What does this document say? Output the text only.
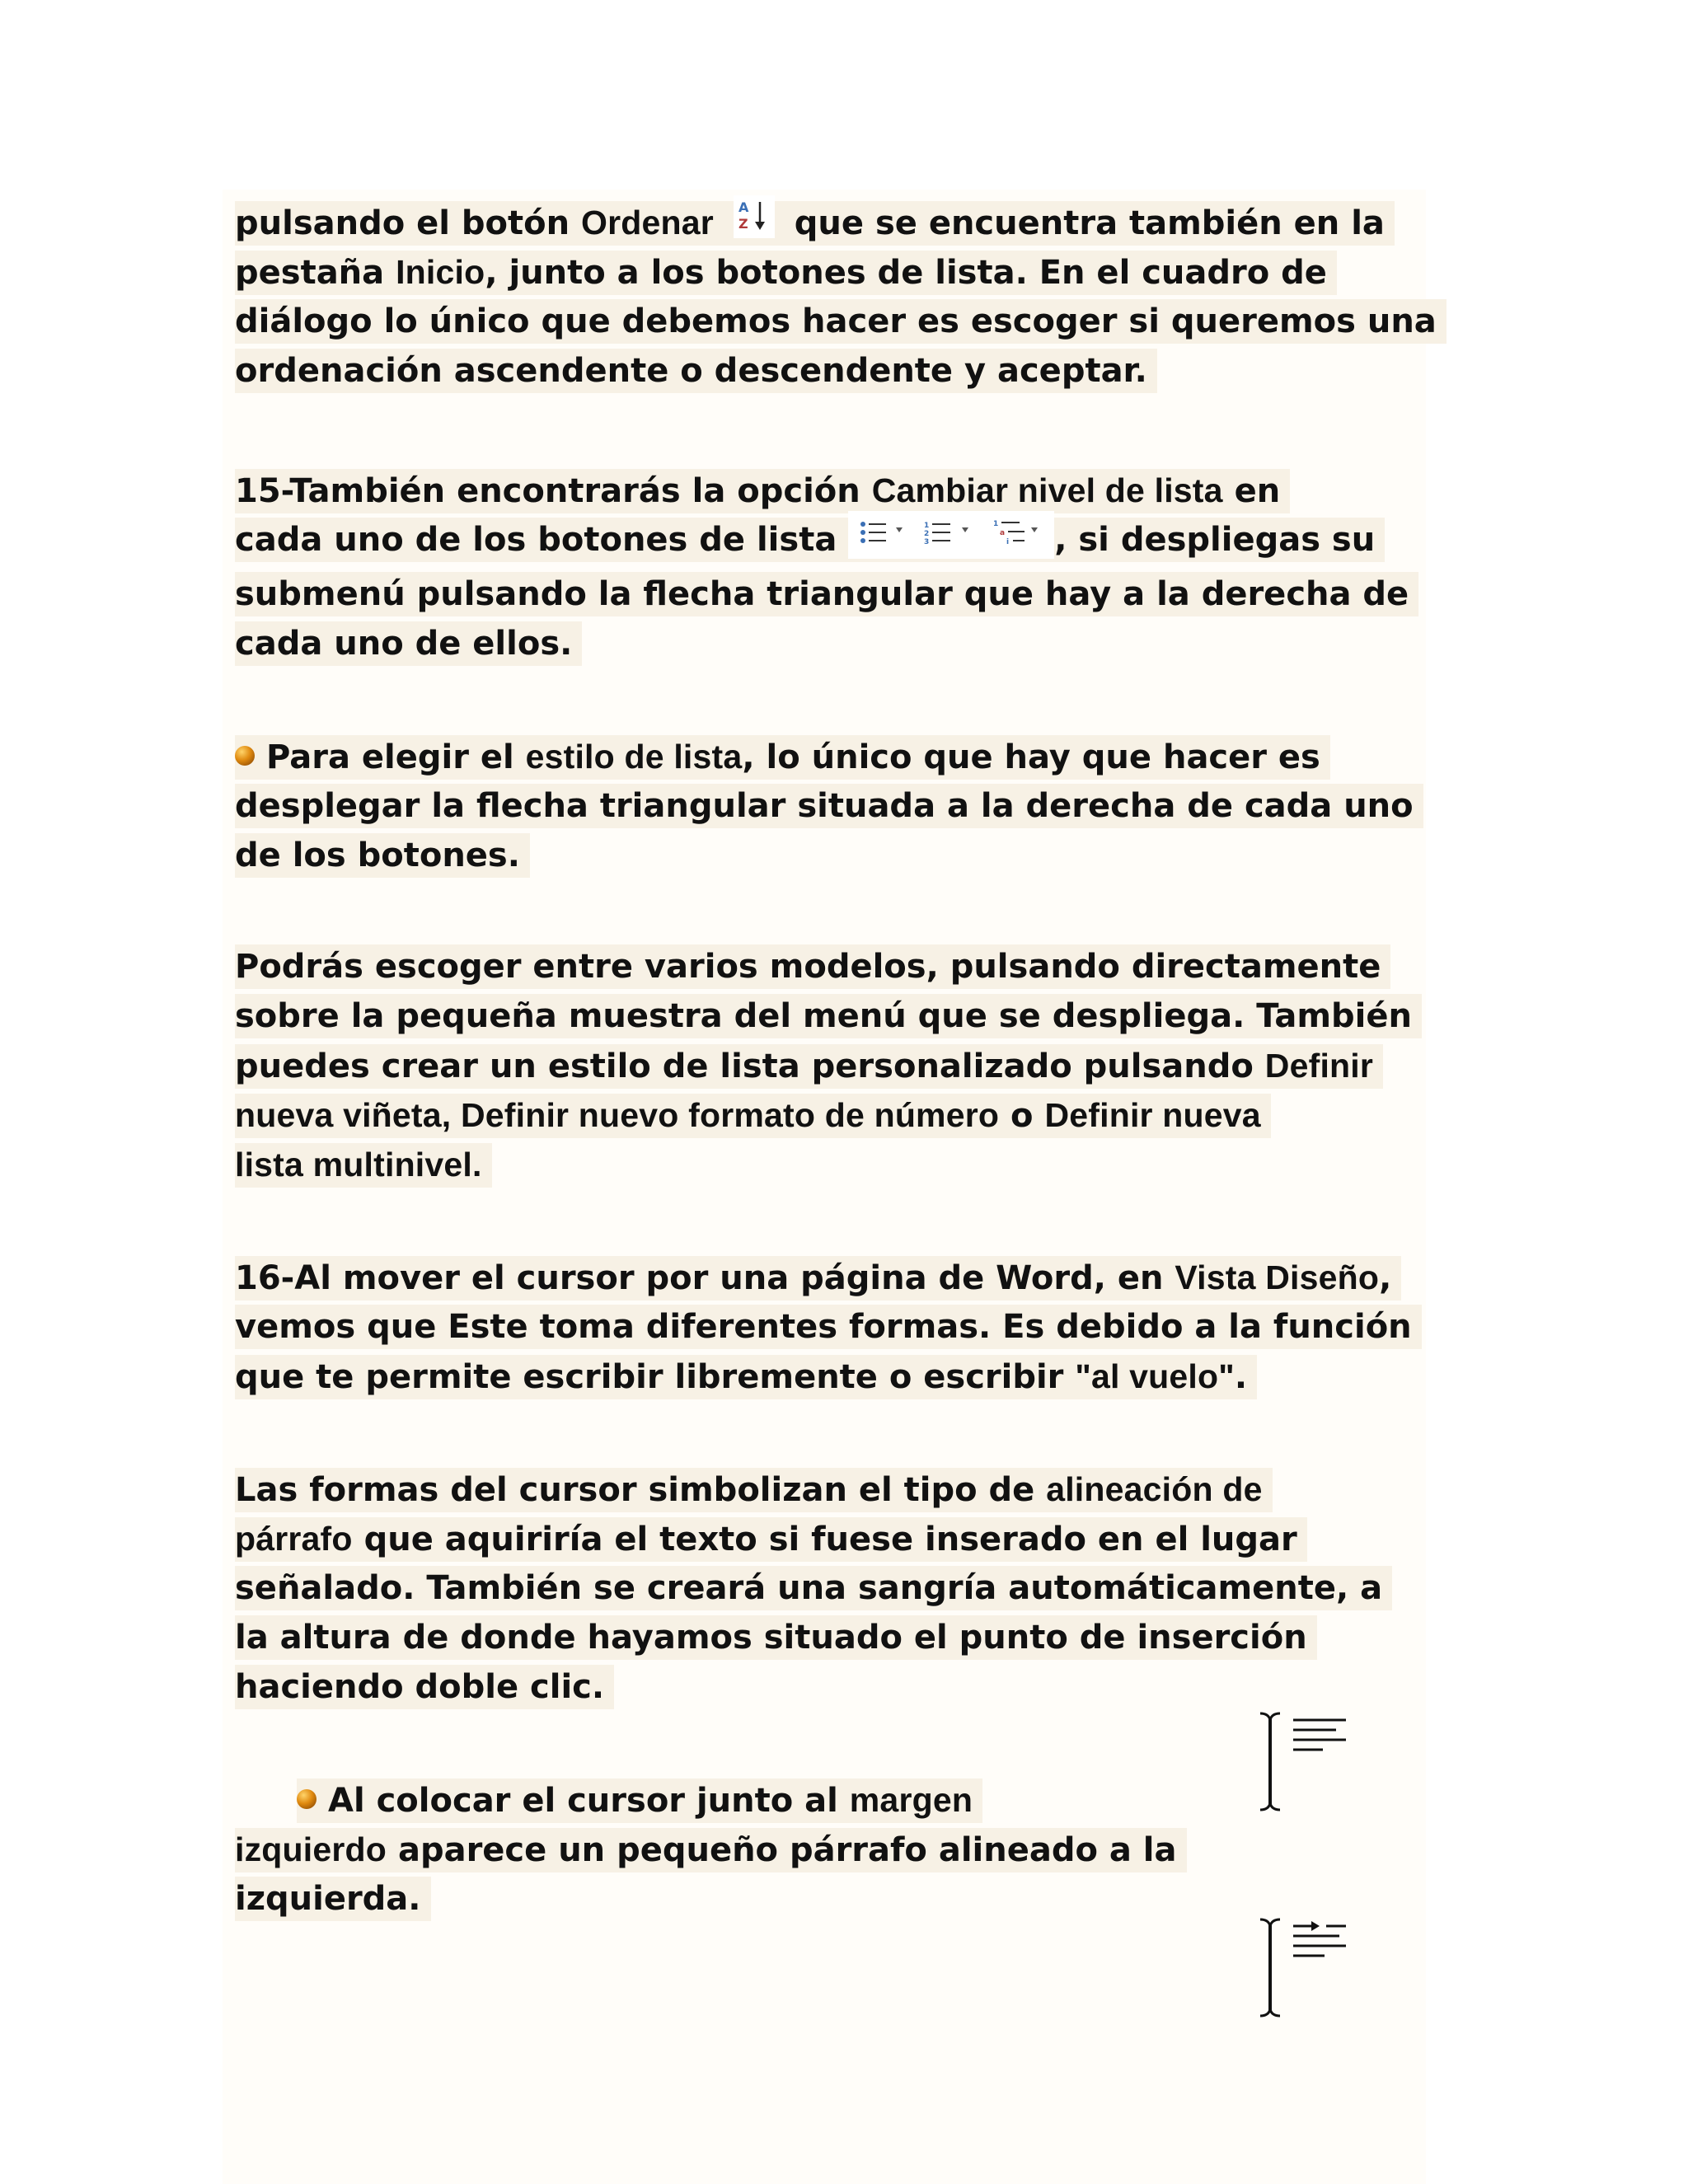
pulsando el botón Ordenar A
Z que se encuentra también en la
pestaña Inicio, junto a los botones de lista. En el cuadro de
diálogo lo único que debemos hacer es escoger si queremos una
ordenación ascendente o descendente y aceptar.
15-También encontrarás la opción Cambiar nivel de lista en
cada uno de los botones de lista	1
2
3
1
a
i , si despliegas su
submenú pulsando la flecha triangular que hay a la derecha de
cada uno de ellos.
Para elegir el estilo de lista, lo único que hay que hacer es
desplegar la flecha triangular situada a la derecha de cada uno
de los botones.
Podrás escoger entre varios modelos, pulsando directamente
sobre la pequeña muestra del menú que se despliega. También
puedes crear un estilo de lista personalizado pulsando Definir
nueva viñeta, Definir nuevo formato de número o Definir nueva
lista multinivel.
16-Al mover el cursor por una página de Word, en Vista Diseño,
vemos que Este toma diferentes formas. Es debido a la función
que te permite escribir libremente o escribir "al vuelo".
Las formas del cursor simbolizan el tipo de alineación de
párrafo que aquiriría el texto si fuese inserado en el lugar
señalado. También se creará una sangría automáticamente, a
la altura de donde hayamos situado el punto de inserción
haciendo doble clic.
Al colocar el cursor junto al margen
izquierdo aparece un pequeño párrafo alineado a la
izquierda.
